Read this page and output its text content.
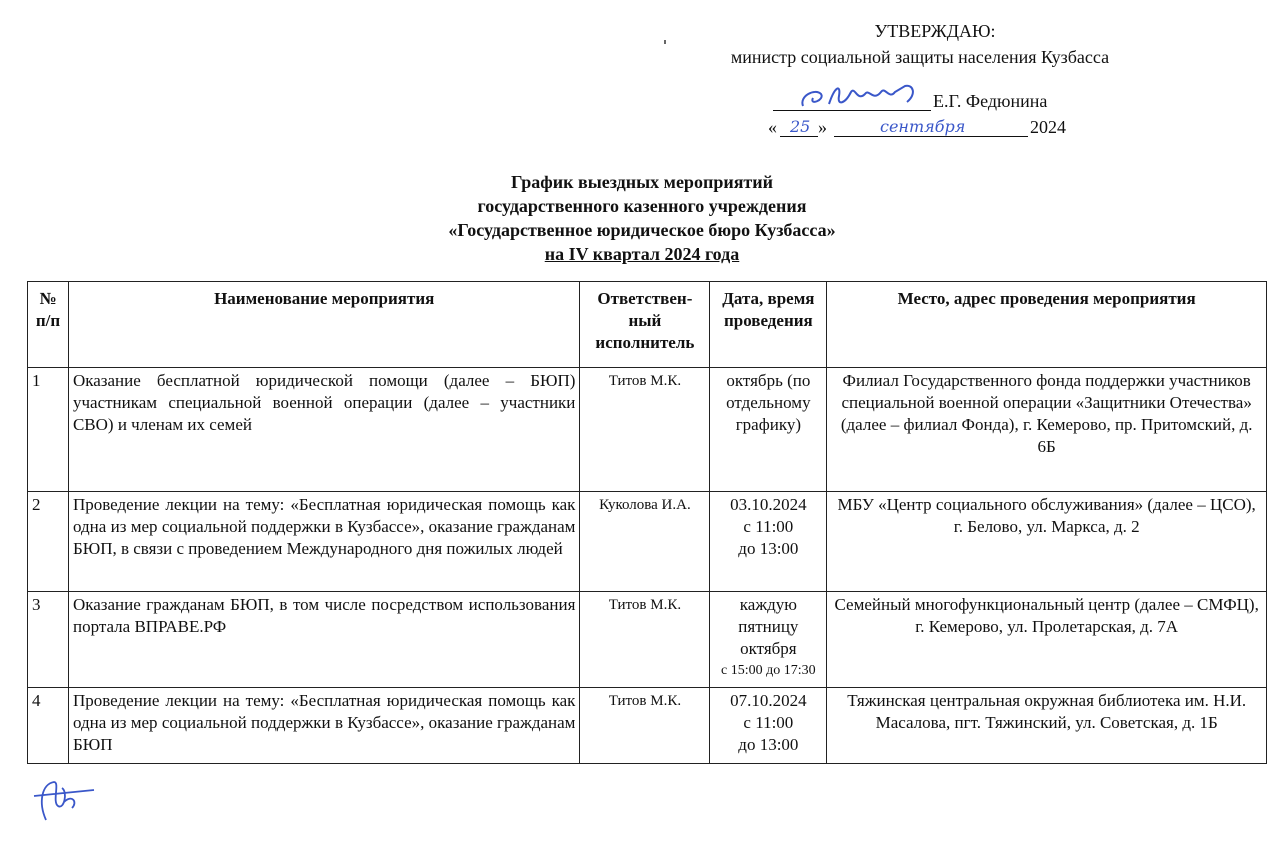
УТВЕРЖДАЮ:
министр социальной защиты населения Кузбасса
Е.Г. Федюнина
« 25 »	сентября	2024
График выездных мероприятий
государственного казенного учреждения
«Государственное юридическое бюро Кузбасса»
на IV квартал 2024 года
№ п/п	Наименование мероприятия	Ответствен-ный исполнитель	Дата, время проведения	Место, адрес проведения мероприятия
1	Оказание бесплатной юридической помощи (далее – БЮП) участникам специальной военной операции (далее – участники СВО) и членам их семей	Титов М.К.	октябрь (по отдельному графику)	Филиал Государственного фонда поддержки участников специальной военной операции «Защитники Отечества» (далее – филиал Фонда), г. Кемерово, пр. Притомский, д. 6Б
2	Проведение лекции на тему: «Бесплатная юридическая помощь как одна из мер социальной поддержки в Кузбассе», оказание гражданам БЮП, в связи с проведением Международного дня пожилых людей	Куколова И.А.	03.10.2024
с 11:00
до 13:00	МБУ «Центр социального обслуживания» (далее – ЦСО), г. Белово, ул. Маркса, д. 2
3	Оказание гражданам БЮП, в том числе посредством использования портала ВПРАВЕ.РФ	Титов М.К.	каждую пятницу октября
с 15:00 до 17:30	Семейный многофункциональный центр (далее – СМФЦ), г. Кемерово, ул. Пролетарская, д. 7А
4	Проведение лекции на тему: «Бесплатная юридическая помощь как одна из мер социальной поддержки в Кузбассе», оказание гражданам БЮП	Титов М.К.	07.10.2024
с 11:00
до 13:00	Тяжинская центральная окружная библиотека им. Н.И. Масалова, пгт. Тяжинский, ул. Советская, д. 1Б
